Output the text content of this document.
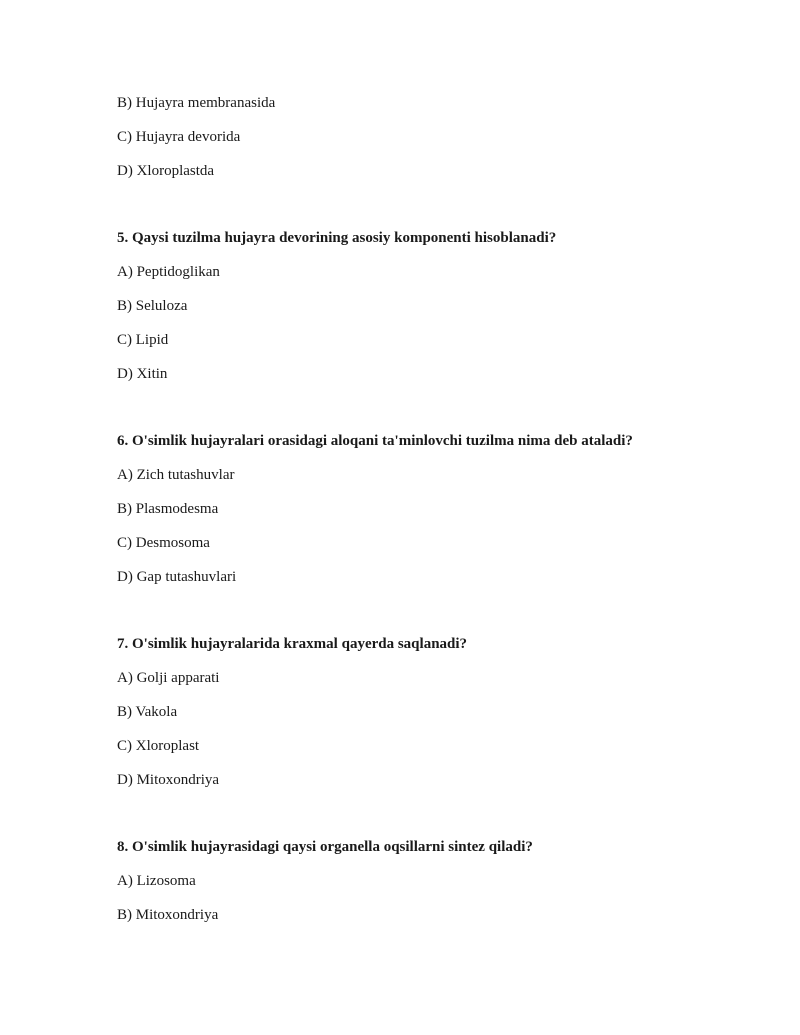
B) Hujayra membranasida
C) Hujayra devorida
D) Xloroplastda
5. Qaysi tuzilma hujayra devorining asosiy komponenti hisoblanadi?
A) Peptidoglikan
B) Seluloza
C) Lipid
D) Xitin
6. O'simlik hujayralari orasidagi aloqani ta'minlovchi tuzilma nima deb ataladi?
A) Zich tutashuvlar
B) Plasmodesma
C) Desmosoma
D) Gap tutashuvlari
7. O'simlik hujayralarida kraxmal qayerda saqlanadi?
A) Golji apparati
B) Vakola
C) Xloroplast
D) Mitoxondriya
8. O'simlik hujayrasidagi qaysi organella oqsillarni sintez qiladi?
A) Lizosoma
B) Mitoxondriya
